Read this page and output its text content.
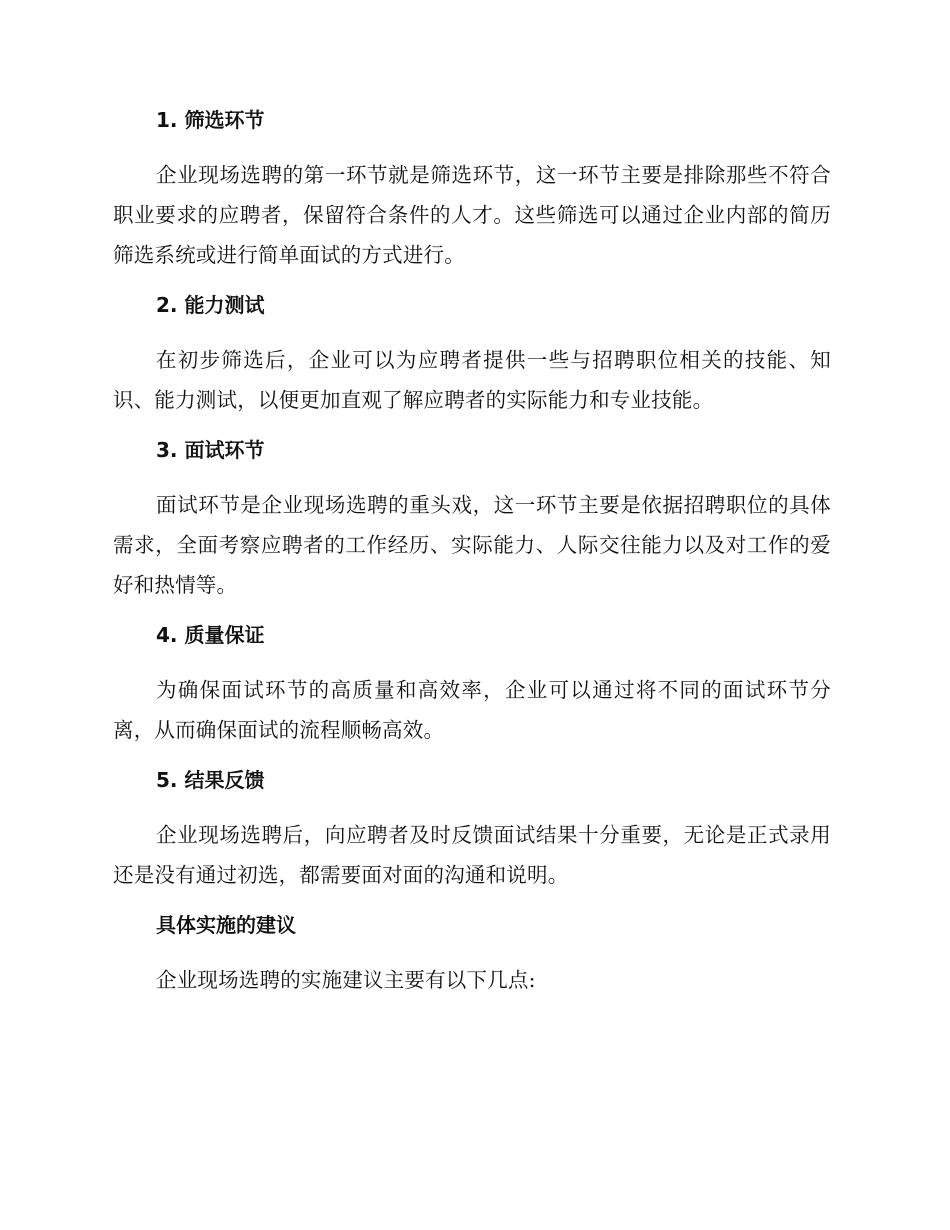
1. 筛选环节

企业现场选聘的第一环节就是筛选环节，这一环节主要是排除那些不符合职业要求的应聘者，保留符合条件的人才。这些筛选可以通过企业内部的简历筛选系统或进行简单面试的方式进行。

2. 能力测试

在初步筛选后，企业可以为应聘者提供一些与招聘职位相关的技能、知识、能力测试，以便更加直观了解应聘者的实际能力和专业技能。

3. 面试环节

面试环节是企业现场选聘的重头戏，这一环节主要是依据招聘职位的具体需求，全面考察应聘者的工作经历、实际能力、人际交往能力以及对工作的爱好和热情等。

4. 质量保证

为确保面试环节的高质量和高效率，企业可以通过将不同的面试环节分离，从而确保面试的流程顺畅高效。

5. 结果反馈

企业现场选聘后，向应聘者及时反馈面试结果十分重要，无论是正式录用还是没有通过初选，都需要面对面的沟通和说明。

具体实施的建议

企业现场选聘的实施建议主要有以下几点:
